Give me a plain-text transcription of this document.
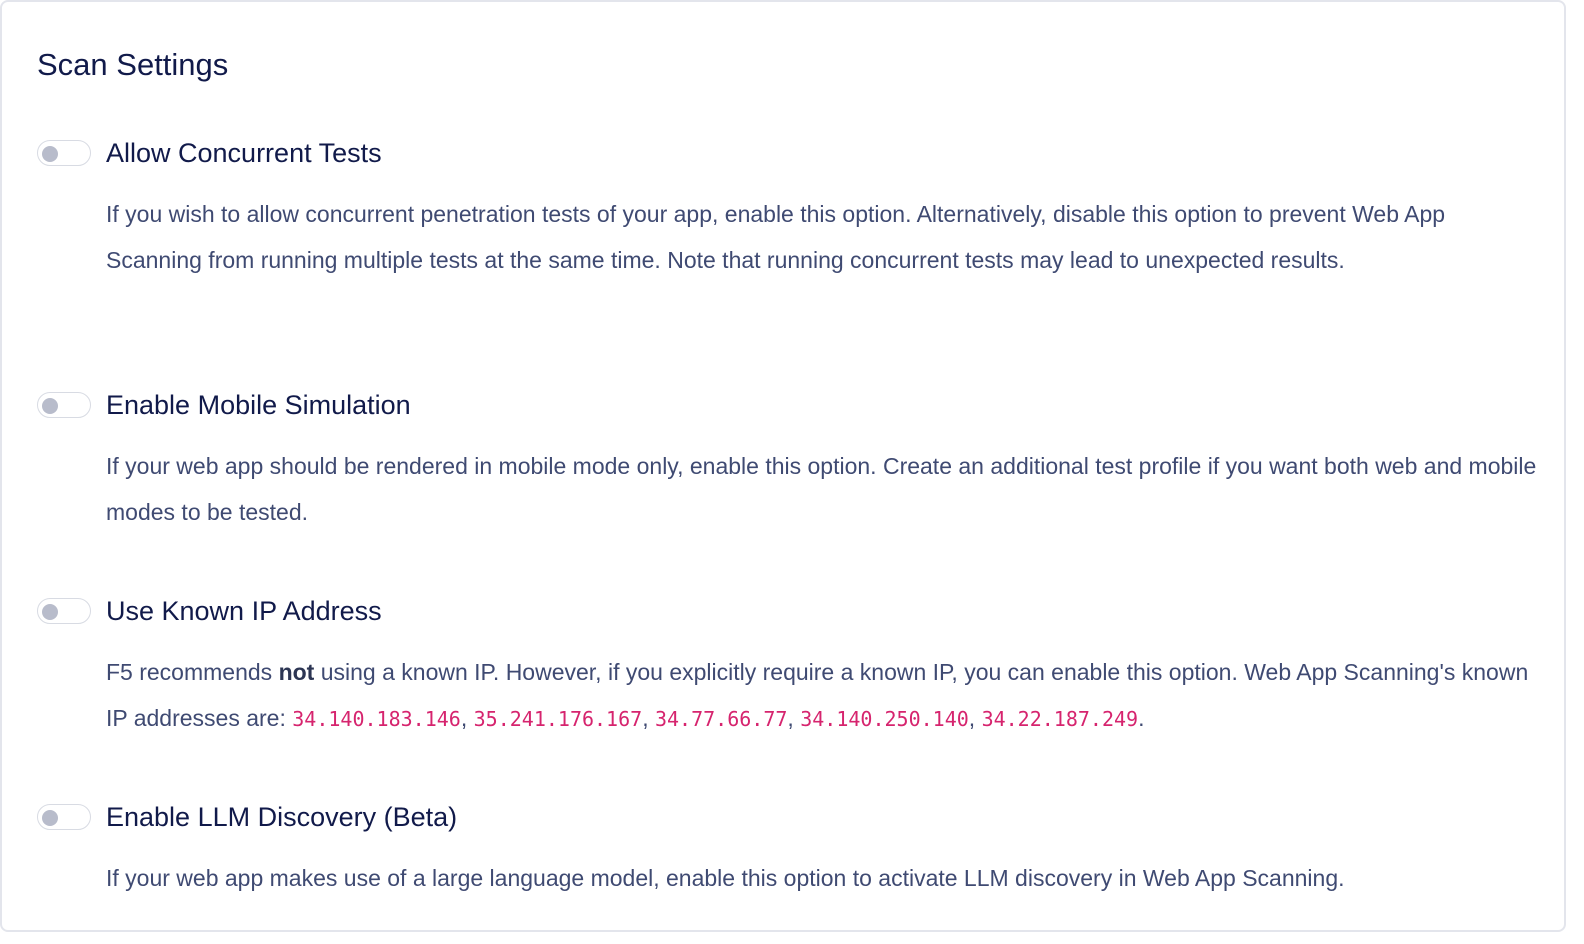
Scan Settings
Allow Concurrent Tests

If you wish to allow concurrent penetration tests of your app, enable this option. Alternatively, disable this option to prevent Web App Scanning from running multiple tests at the same time. Note that running concurrent tests may lead to unexpected results.

Enable Mobile Simulation

If your web app should be rendered in mobile mode only, enable this option. Create an additional test profile if you want both web and mobile modes to be tested.

Use Known IP Address

F5 recommends not using a known IP. However, if you explicitly require a known IP, you can enable this option. Web App Scanning's known IP addresses are: 34.140.183.146, 35.241.176.167, 34.77.66.77, 34.140.250.140, 34.22.187.249.

Enable LLM Discovery (Beta)

If your web app makes use of a large language model, enable this option to activate LLM discovery in Web App Scanning.
